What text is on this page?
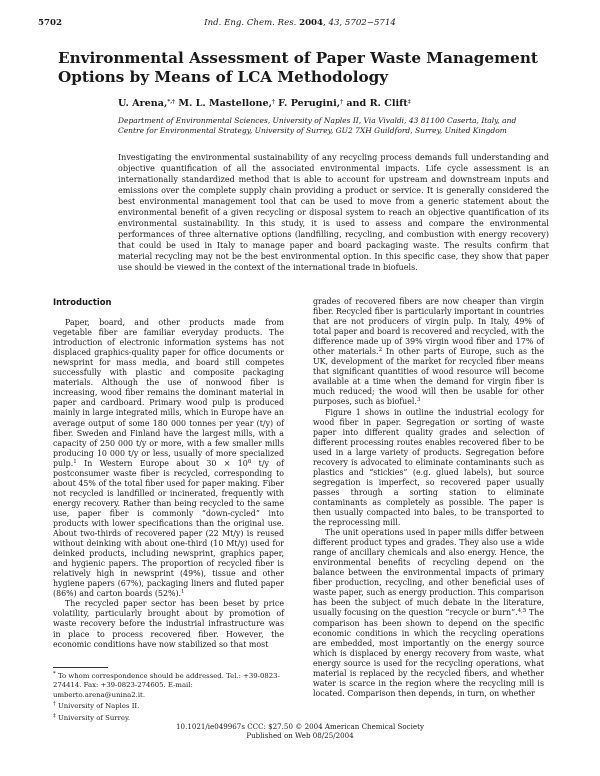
5702	Ind. Eng. Chem. Res. 2004, 43, 5702−5714
Environmental Assessment of Paper Waste Management Options by Means of LCA Methodology
U. Arena,*,† M. L. Mastellone,† F. Perugini,† and R. Clift‡

Department of Environmental Sciences, University of Naples II, Via Vivaldi, 43 81100 Caserta, Italy, and
Centre for Environmental Strategy, University of Surrey, GU2 7XH Guildford, Surrey, United Kingdom

Investigating the environmental sustainability of any recycling process demands full understanding and objective quantification of all the associated environmental impacts. Life cycle assessment is an internationally standardized method that is able to account for upstream and downstream inputs and emissions over the complete supply chain providing a product or service. It is generally considered the best environmental management tool that can be used to move from a generic statement about the environmental benefit of a given recycling or disposal system to reach an objective quantification of its environmental sustainability. In this study, it is used to assess and compare the environmental performances of three alternative options (landfilling, recycling, and combustion with energy recovery) that could be used in Italy to manage paper and board packaging waste. The results confirm that material recycling may not be the best environmental option. In this specific case, they show that paper use should be viewed in the context of the international trade in biofuels.

Introduction

Paper, board, and other products made from vegetable fiber are familiar everyday products. The introduction of electronic information systems has not displaced graphics-quality paper for office documents or newsprint for mass media, and board still competes successfully with plastic and composite packaging materials. Although the use of nonwood fiber is increasing, wood fiber remains the dominant material in paper and cardboard. Primary wood pulp is produced mainly in large integrated mills, which in Europe have an average output of some 180 000 tonnes per year (t/y) of fiber. Sweden and Finland have the largest mills, with a capacity of 250 000 t/y or more, with a few smaller mills producing 10 000 t/y or less, usually of more specialized pulp.$^1$ In Western Europe about $30 \times 10^6$ t/y of postconsumer waste fiber is recycled, corresponding to about 45% of the total fiber used for paper making. Fiber not recycled is landfilled or incinerated, frequently with energy recovery. Rather than being recycled to the same use, paper fiber is commonly “down-cycled” into products with lower specifications than the original use. About two-thirds of recovered paper (22 Mt/y) is reused without deinking with about one-third (10 Mt/y) used for deinked products, including newsprint, graphics paper, and hygienic papers. The proportion of recycled fiber is relatively high in newsprint (49%), tissue and other hygiene papers (67%), packaging liners and fluted paper (86%) and carton boards (52%).$^1$

The recycled paper sector has been beset by price volatility, particularly brought about by promotion of waste recovery before the industrial infrastructure was in place to process recovered fiber. However, the economic conditions have now stabilized so that most

grades of recovered fibers are now cheaper than virgin fiber. Recycled fiber is particularly important in countries that are not producers of virgin pulp. In Italy, 49% of total paper and board is recovered and recycled, with the difference made up of 39% virgin wood fiber and 17% of other materials.$^2$ In other parts of Europe, such as the UK, development of the market for recycled fiber means that significant quantities of wood resource will become available at a time when the demand for virgin fiber is much reduced; the wood will then be usable for other purposes, such as biofuel.$^3$

Figure 1 shows in outline the industrial ecology for wood fiber in paper. Segregation or sorting of waste paper into different quality grades and selection of different processing routes enables recovered fiber to be used in a large variety of products. Segregation before recovery is advocated to eliminate contaminants such as plastics and “stickies” (e.g. glued labels), but source segregation is imperfect, so recovered paper usually passes through a sorting station to eliminate contaminants as completely as possible. The paper is then usually compacted into bales, to be transported to the reprocessing mill.

The unit operations used in paper mills differ between different product types and grades. They also use a wide range of ancillary chemicals and also energy. Hence, the environmental benefits of recycling depend on the balance between the environmental impacts of primary fiber production, recycling, and other beneficial uses of waste paper, such as energy production. This comparison has been the subject of much debate in the literature, usually focusing on the question “recycle or burn”.$^{4,5}$ The comparison has been shown to depend on the specific economic conditions in which the recycling operations are embedded, most importantly on the energy source which is displaced by energy recovery from waste, what energy source is used for the recycling operations, what material is replaced by the recycled fibers, and whether water is scarce in the region where the recycling mill is located. Comparison then depends, in turn, on whether

* To whom correspondence should be addressed. Tel.: +39-0823-274414. Fax: +39-0823-274605. E-mail: umberto.arena@unina2.it.
† University of Naples II.
‡ University of Surrey.
10.1021/ie049967s CCC: $27.50 © 2004 American Chemical Society
Published on Web 08/25/2004
